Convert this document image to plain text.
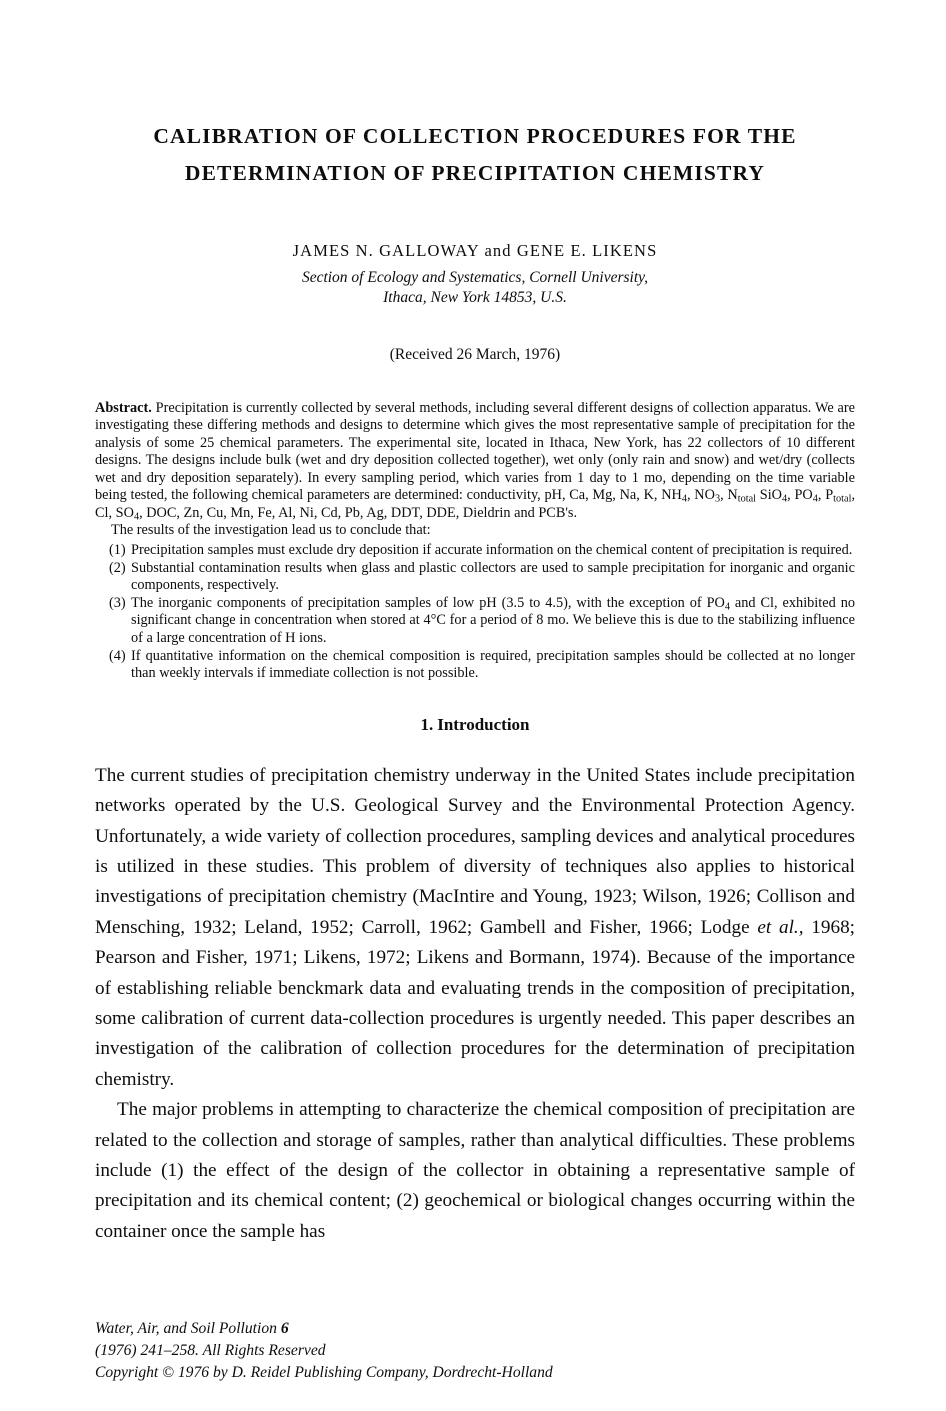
CALIBRATION OF COLLECTION PROCEDURES FOR THE
DETERMINATION OF PRECIPITATION CHEMISTRY
JAMES N. GALLOWAY and GENE E. LIKENS
Section of Ecology and Systematics, Cornell University,
Ithaca, New York 14853, U.S.
(Received 26 March, 1976)

Abstract. Precipitation is currently collected by several methods, including several different designs of collection apparatus. We are investigating these differing methods and designs to determine which gives the most representative sample of precipitation for the analysis of some 25 chemical parameters. The experimental site, located in Ithaca, New York, has 22 collectors of 10 different designs. The designs include bulk (wet and dry deposition collected together), wet only (only rain and snow) and wet/dry (collects wet and dry deposition separately). In every sampling period, which varies from 1 day to 1 mo, depending on the time variable being tested, the following chemical parameters are determined: conductivity, pH, Ca, Mg, Na, K, $NH_4$, $NO_3$, $N_{total}$ SiO$_4$, $PO_4$, $P_{total}$, Cl, $SO_4$, DOC, Zn, Cu, Mn, Fe, Al, Ni, Cd, Pb, Ag, DDT, DDE, Dieldrin and PCB's.

The results of the investigation lead us to conclude that:

(1) Precipitation samples must exclude dry deposition if accurate information on the chemical content of precipitation is required.
(2) Substantial contamination results when glass and plastic collectors are used to sample precipitation for inorganic and organic components, respectively.
(3) The inorganic components of precipitation samples of low pH (3.5 to 4.5), with the exception of $PO_4$ and Cl, exhibited no significant change in concentration when stored at 4°C for a period of 8 mo. We believe this is due to the stabilizing influence of a large concentration of H ions.
(4) If quantitative information on the chemical composition is required, precipitation samples should be collected at no longer than weekly intervals if immediate collection is not possible.
1. Introduction

The current studies of precipitation chemistry underway in the United States include precipitation networks operated by the U.S. Geological Survey and the Environmental Protection Agency. Unfortunately, a wide variety of collection procedures, sampling devices and analytical procedures is utilized in these studies. This problem of diversity of techniques also applies to historical investigations of precipitation chemistry (MacIntire and Young, 1923; Wilson, 1926; Collison and Mensching, 1932; Leland, 1952; Carroll, 1962; Gambell and Fisher, 1966; Lodge et al., 1968; Pearson and Fisher, 1971; Likens, 1972; Likens and Bormann, 1974). Because of the importance of establishing reliable benckmark data and evaluating trends in the composition of precipitation, some calibration of current data-collection procedures is urgently needed. This paper describes an investigation of the calibration of collection procedures for the determination of precipitation chemistry.

The major problems in attempting to characterize the chemical composition of precipitation are related to the collection and storage of samples, rather than analytical difficulties. These problems include (1) the effect of the design of the collector in obtaining a representative sample of precipitation and its chemical content; (2) geochemical or biological changes occurring within the container once the sample has

Water, Air, and Soil Pollution 6
(1976) 241–258. All Rights Reserved
Copyright © 1976 by D. Reidel Publishing Company, Dordrecht-Holland
